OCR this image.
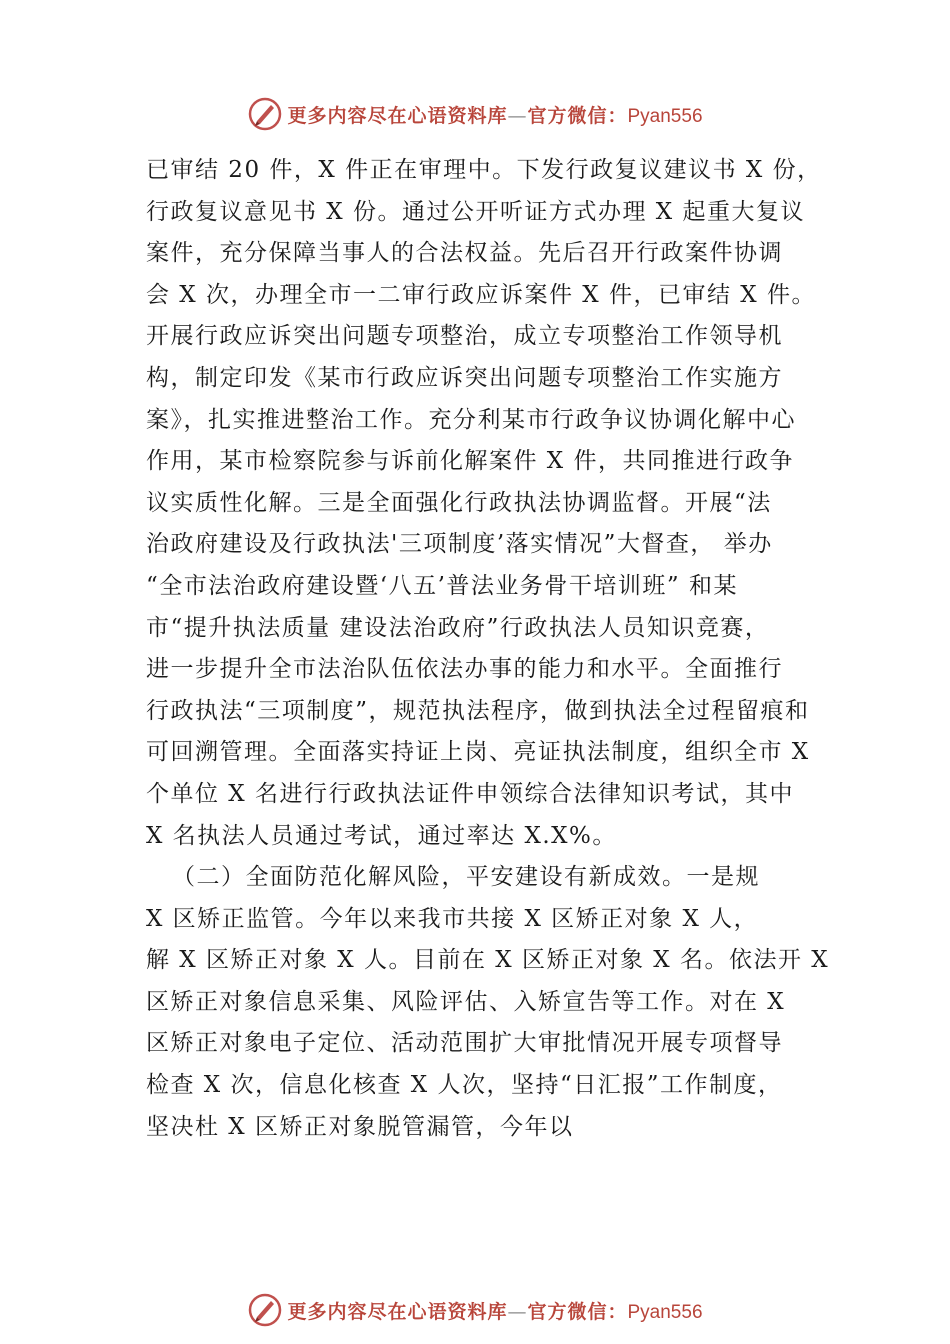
更多内容尽在心语资料库—官方微信：Pyan556
已审结 20 件，X 件正在审理中。下发行政复议建议书 X 份，
行政复议意见书 X 份。通过公开听证方式办理 X 起重大复议
案件，充分保障当事人的合法权益。先后召开行政案件协调
会 X 次，办理全市一二审行政应诉案件 X 件，已审结 X 件。
开展行政应诉突出问题专项整治，成立专项整治工作领导机
构，制定印发《某市行政应诉突出问题专项整治工作实施方
案》，扎实推进整治工作。充分利某市行政争议协调化解中心
作用，某市检察院参与诉前化解案件 X 件，共同推进行政争
议实质性化解。三是全面强化行政执法协调监督。开展“法
治政府建设及行政执法'三项制度’落实情况”大督查， 举办
“全市法治政府建设暨‘八五’普法业务骨干培训班” 和某
市“提升执法质量 建设法治政府”行政执法人员知识竞赛，
进一步提升全市法治队伍依法办事的能力和水平。全面推行
行政执法“三项制度”，规范执法程序，做到执法全过程留痕和
可回溯管理。全面落实持证上岗、亮证执法制度，组织全市 X
个单位 X 名进行行政执法证件申领综合法律知识考试，其中
X 名执法人员通过考试，通过率达 X.X%。
（二）全面防范化解风险，平安建设有新成效。一是规
X 区矫正监管。今年以来我市共接 X 区矫正对象 X 人，
解 X 区矫正对象 X 人。目前在 X 区矫正对象 X 名。依法开 X
区矫正对象信息采集、风险评估、入矫宣告等工作。对在 X
区矫正对象电子定位、活动范围扩大审批情况开展专项督导
检查 X 次，信息化核查 X 人次，坚持“日汇报”工作制度，
坚决杜 X 区矫正对象脱管漏管，今年以
更多内容尽在心语资料库—官方微信：Pyan556
